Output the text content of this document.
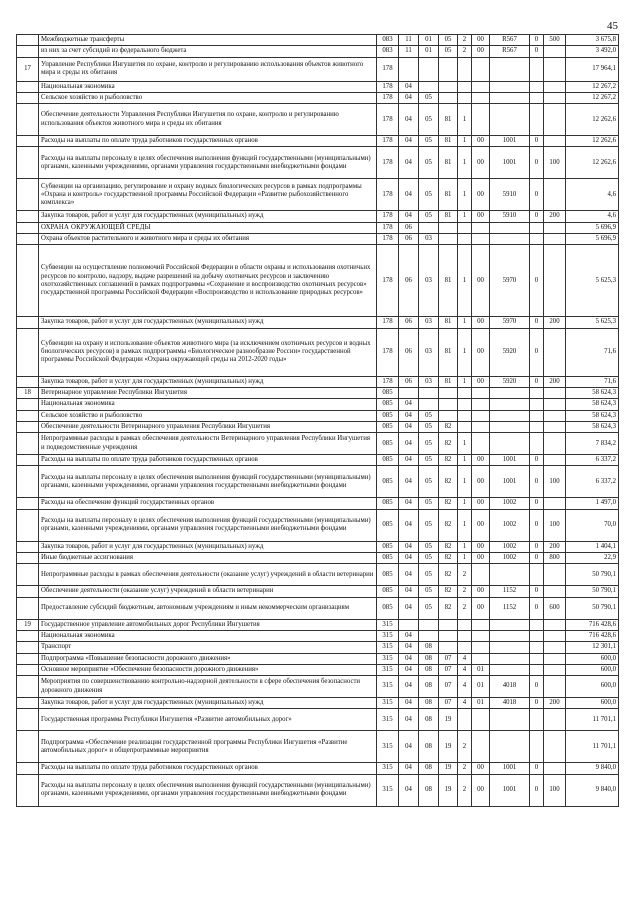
45
	Межбюджетные трансферты	083	11	01	05	2	00	R567	0	500	3 675,8
	из них за счет субсидий из федерального бюджета	083	11	01	05	2	00	R567	0		3 492,0
17	Управление Республики Ингушетия по охране, контролю и регулированию использования объектов животного мира и среды их обитания	178									17 964,1
	Национальная экономика	178	04								12 267,2
	Сельское хозяйство и рыболовство	178	04	05							12 267,2
	Обеспечение деятельности Управления Республики Ингушетия по охране, контролю и регулированию использования объектов животного мира и среды их обитания	178	04	05	81	1					12 262,6
	Расходы на выплаты по оплате труда работников государственных органов	178	04	05	81	1	00	1001	0		12 262,6
	Расходы на выплаты персоналу в целях обеспечения выполнения функций государственными (муниципальными) органами, казенными учреждениями, органами управления государственными внебюджетными фондами	178	04	05	81	1	00	1001	0	100	12 262,6
	Субвенции на организацию, регулирование и охрану водных биологических ресурсов в рамках подпрограммы «Охрана и контроль» государственной программы Российской Федерации «Развитие рыбохозяйственного комплекса»	178	04	05	81	1	00	5910	0		4,6
	Закупка товаров, работ и услуг для государственных (муниципальных) нужд	178	04	05	81	1	00	5910	0	200	4,6
	ОХРАНА ОКРУЖАЮЩЕЙ СРЕДЫ	178	06								5 696,9
	Охрана объектов растительного и животного мира и среды их обитания	178	06	03							5 696,9
	Субвенции на осуществление полномочий Российской Федерации в области охраны и использования охотничьих ресурсов по контролю, надзору, выдаче разрешений на добычу охотничьих ресурсов и заключению охотхозяйственных соглашений в рамках подпрограммы «Сохранение и воспроизводство охотничьих ресурсов» государственной программы Российской Федерации «Воспроизводство и использование природных ресурсов»	178	06	03	81	1	00	5970	0		5 625,3
	Закупка товаров, работ и услуг для государственных (муниципальных) нужд	178	06	03	81	1	00	5970	0	200	5 625,3
	Субвенции на охрану и использование объектов животного мира (за исключением охотничьих ресурсов и водных биологических ресурсов) в рамках подпрограммы «Биологическое разнообразие России» государственной программы Российской Федерации «Охрана окружающей среды на 2012-2020 годы»	178	06	03	81	1	00	5920	0		71,6
	Закупка товаров, работ и услуг для государственных (муниципальных) нужд	178	06	03	81	1	00	5920	0	200	71,6
18	Ветеринарное управление Республики Ингушетия	085									58 624,3
	Национальная экономика	085	04								58 624,3
	Сельское хозяйство и рыболовство	085	04	05							58 624,3
	Обеспечение деятельности Ветеринарного управления Республики Ингушетия	085	04	05	82						58 624,3
	Непрограммные расходы в рамках обеспечения деятельности Ветеринарного управления Республики Ингушетия и подведомственные учреждения	085	04	05	82	1					7 834,2
	Расходы на выплаты по оплате труда работников государственных органов	085	04	05	82	1	00	1001	0		6 337,2
	Расходы на выплаты персоналу в целях обеспечения выполнения функций государственными (муниципальными) органами, казенными учреждениями, органами управления государственными внебюджетными фондами	085	04	05	82	1	00	1001	0	100	6 337,2
	Расходы на обеспечение функций государственных органов	085	04	05	82	1	00	1002	0		1 497,0
	Расходы на выплаты персоналу в целях обеспечения выполнения функций государственными (муниципальными) органами, казенными учреждениями, органами управления государственными внебюджетными фондами	085	04	05	82	1	00	1002	0	100	70,0
	Закупка товаров, работ и услуг для государственных (муниципальных) нужд	085	04	05	82	1	00	1002	0	200	1 404,1
	Иные бюджетные ассигнования	085	04	05	82	1	00	1002	0	800	22,9
	Непрограммные расходы в рамках обеспечения деятельности (оказание услуг) учреждений в области ветеринарии	085	04	05	82	2					50 790,1
	Обеспечение деятельности (оказание услуг) учреждений в области ветеринарии	085	04	05	82	2	00	1152	0		50 790,1
	Предоставление субсидий бюджетным, автономным учреждениям и иным некоммерческим организациям	085	04	05	82	2	00	1152	0	600	50 790,1
19	Государственное управление автомобильных дорог Республики Ингушетия	315									716 428,6
	Национальная экономика	315	04								716 428,6
	Транспорт	315	04	08							12 301,1
	Подпрограмма «Повышение безопасности дорожного движения»	315	04	08	07	4					600,0
	Основное мероприятие «Обеспечение безопасности дорожного движения»	315	04	08	07	4	01				600,0
	Мероприятия по совершенствованию контрольно-надзорной деятельности в сфере обеспечения безопасности дорожного движения	315	04	08	07	4	01	4018	0		600,0
	Закупка товаров, работ и услуг для государственных (муниципальных) нужд	315	04	08	07	4	01	4018	0	200	600,0
	Государственная программа Республики Ингушетия «Развитие автомобильных дорог»	315	04	08	19						11 701,1
	Подпрограмма «Обеспечение реализации государственной программы Республики Ингушетия «Развитие автомобильных дорог» и общепрограммные мероприятия	315	04	08	19	2					11 701,1
	Расходы на выплаты по оплате труда работников государственных органов	315	04	08	19	2	00	1001	0		9 840,0
	Расходы на выплаты персоналу в целях обеспечения выполнения функций государственными (муниципальными) органами, казенными учреждениями, органами управления государственными внебюджетными фондами	315	04	08	19	2	00	1001	0	100	9 840,0
